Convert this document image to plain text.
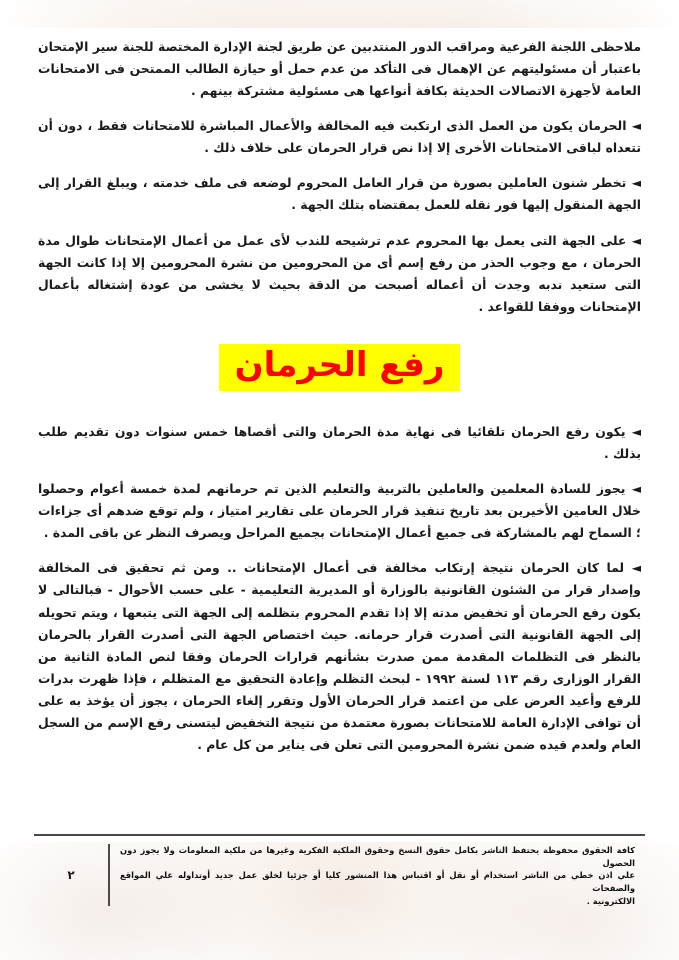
ملاحظى اللجنة الفرعية ومراقب الدور المنتدبين عن طريق لجنة الإدارة المختصة للجنة سير الإمتحان باعتبار أن مسئوليتهم عن الإهمال فى التأكد من عدم حمل أو حيازة الطالب الممتحن فى الامتحانات العامة لأجهزة الاتصالات الحديثة بكافة أنواعها هى مسئولية مشتركة بينهم .

◄ الحرمان يكون من العمل الذى ارتكبت فيه المخالفة والأعمال المباشرة للامتحانات فقط ، دون أن تتعداه لباقى الامتحانات الأخرى إلا إذا نص قرار الحرمان على خلاف ذلك .

◄ تخطر شنون العاملين بصورة من قرار العامل المحروم لوضعه فى ملف خدمته ، ويبلغ القرار إلى الجهة المنقول إليها فور نقله للعمل بمقتضاه بتلك الجهة .

◄ على الجهة التى يعمل بها المحروم عدم ترشيحه للندب لأى عمل من أعمال الإمتحانات طوال مدة الحرمان ، مع وجوب الحذر من رفع إسم أى من المحرومين من نشرة المحرومين إلا إذا كانت الجهة التى ستعيد ندبه وجدت أن أعماله أصبحت من الدقة بحيث لا يخشى من عودة إشتغاله بأعمال الإمتحانات ووفقا للقواعد .

رفع الحرمان

◄ يكون رفع الحرمان تلقائيا فى نهاية مدة الحرمان والتى أقصاها خمس سنوات دون تقديم طلب بذلك .

◄ يجوز للسادة المعلمين والعاملين بالتربية والتعليم الذين تم حرمانهم لمدة خمسة أعوام وحصلوا خلال العامين الأخيرين بعد تاريخ تنفيذ قرار الحرمان على تقارير امتياز ، ولم توقع ضدهم أى جزاءات ؛ السماح لهم بالمشاركة فى جميع أعمال الإمتحانات بجميع المراحل ويصرف النظر عن باقى المدة .

◄ لما كان الحرمان نتيجة إرتكاب مخالفة فى أعمال الإمتحانات .. ومن ثم تحقيق فى المخالفة وإصدار قرار من الشئون القانونية بالوزارة أو المديرية التعليمية - على حسب الأحوال - فبالتالى لا يكون رفع الحرمان أو تخفيض مدته إلا إذا تقدم المحروم بتظلمه إلى الجهة التى يتبعها ، ويتم تحويله إلى الجهة القانونية التى أصدرت قرار حرمانه. حيث اختصاص الجهة التى أصدرت القرار بالحرمان بالنظر فى التظلمات المقدمة ممن صدرت بشأنهم قرارات الحرمان وفقا لنص المادة الثانية من القرار الوزارى رقم ١١٣ لسنة ١٩٩٢ - لبحث التظلم وإعادة التحقيق مع المتظلم ، فإذا ظهرت بدرات للرفع وأعيد العرض على من اعتمد قرار الحرمان الأول وتقرر إلغاء الحرمان ، يجوز أن يؤخذ به على أن توافى الإدارة العامة للامتحانات بصورة معتمدة من نتيجة التخفيض ليتسنى رفع الإسم من السجل العام ولعدم قيده ضمن نشرة المحرومين التى تعلن فى يناير من كل عام .

كافة الحقوق محفوظة يحتفظ الناشر بكامل حقوق النسخ وحقوق الملكية الفكرية وغيرها من ملكية المعلومات ولا يجوز دون الحصول
علي اذن خطي من الناشر استخدام أو نقل أو اقتباس هذا المنشور كليا أو جزئيا لخلق عمل جديد أوتداوله علي المواقع والصفحات
الالكترونية .
٢
